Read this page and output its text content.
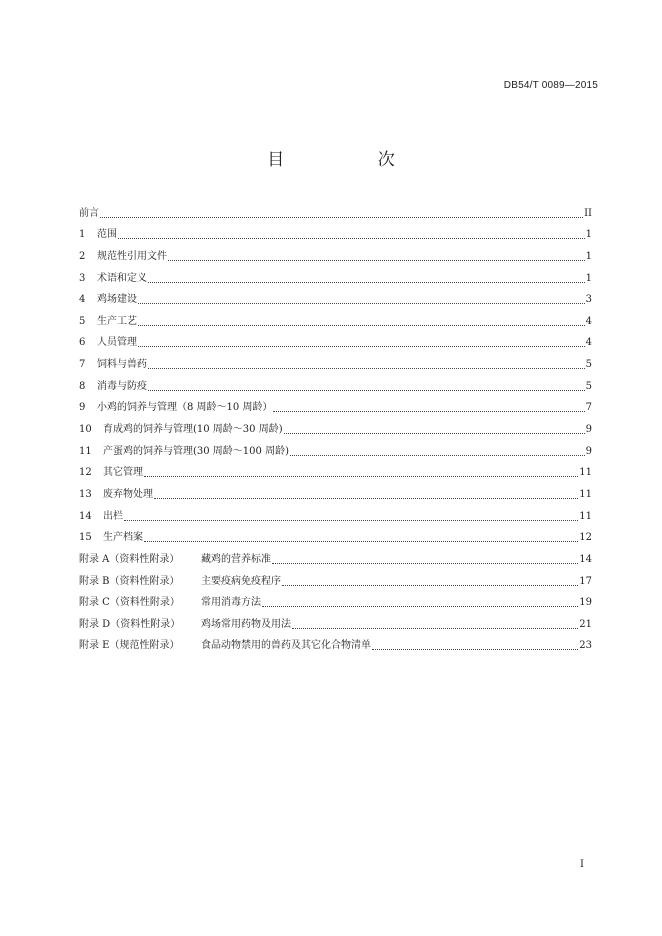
DB54/T 0089—2015
目 次
前言	II
1	范围	1
2	规范性引用文件	1
3	术语和定义	1
4	鸡场建设	3
5	生产工艺	4
6	人员管理	4
7	饲料与兽药	5
8	消毒与防疫	5
9	小鸡的饲养与管理（8 周龄～10 周龄）	7
10	育成鸡的饲养与管理(10 周龄～30 周龄)	9
11	产蛋鸡的饲养与管理(30 周龄～100 周龄)	9
12	其它管理	11
13	废弃物处理	11
14	出栏	11
15	生产档案	12
附录 A（资料性附录）	藏鸡的营养标准	14
附录 B（资料性附录）	主要疫病免疫程序	17
附录 C（资料性附录）	常用消毒方法	19
附录 D（资料性附录）	鸡场常用药物及用法	21
附录 E（规范性附录）	食品动物禁用的兽药及其它化合物清单	23
I
